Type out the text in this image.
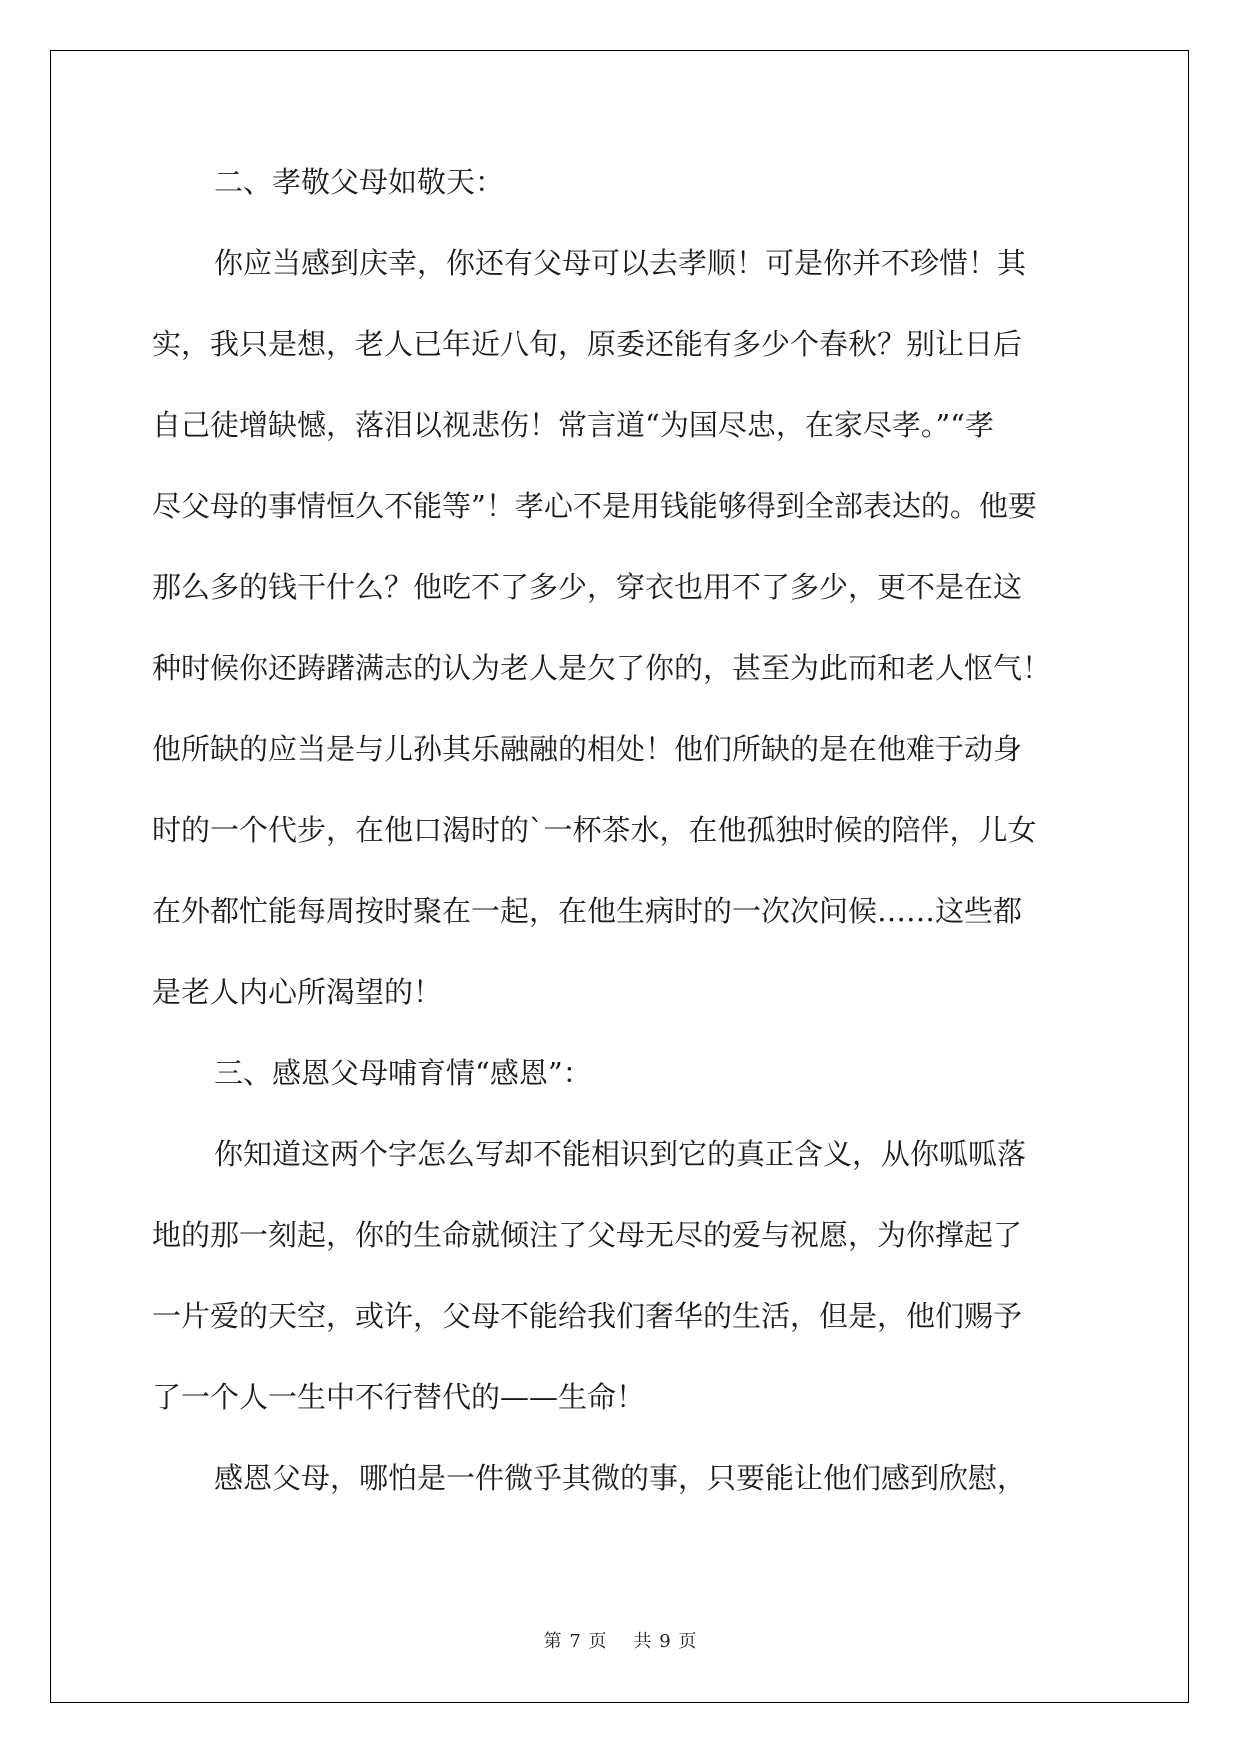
二、孝敬父母如敬天：
你应当感到庆幸，你还有父母可以去孝顺！可是你并不珍惜！其
实，我只是想，老人已年近八旬，原委还能有多少个春秋？别让日后
自己徒增缺憾，落泪以视悲伤！常言道“为国尽忠，在家尽孝。”“孝
尽父母的事情恒久不能等”！孝心不是用钱能够得到全部表达的。他要
那么多的钱干什么？他吃不了多少，穿衣也用不了多少，更不是在这
种时候你还踌躇满志的认为老人是欠了你的，甚至为此而和老人怄气！
他所缺的应当是与儿孙其乐融融的相处！他们所缺的是在他难于动身
时的一个代步，在他口渴时的`一杯茶水，在他孤独时候的陪伴，儿女
在外都忙能每周按时聚在一起，在他生病时的一次次问候……这些都
是老人内心所渴望的！
三、感恩父母哺育情“感恩”：
你知道这两个字怎么写却不能相识到它的真正含义，从你呱呱落
地的那一刻起，你的生命就倾注了父母无尽的爱与祝愿，为你撑起了
一片爱的天空，或许，父母不能给我们奢华的生活，但是，他们赐予
了一个人一生中不行替代的——生命！
感恩父母，哪怕是一件微乎其微的事，只要能让他们感到欣慰，
第 7 页 共 9 页
